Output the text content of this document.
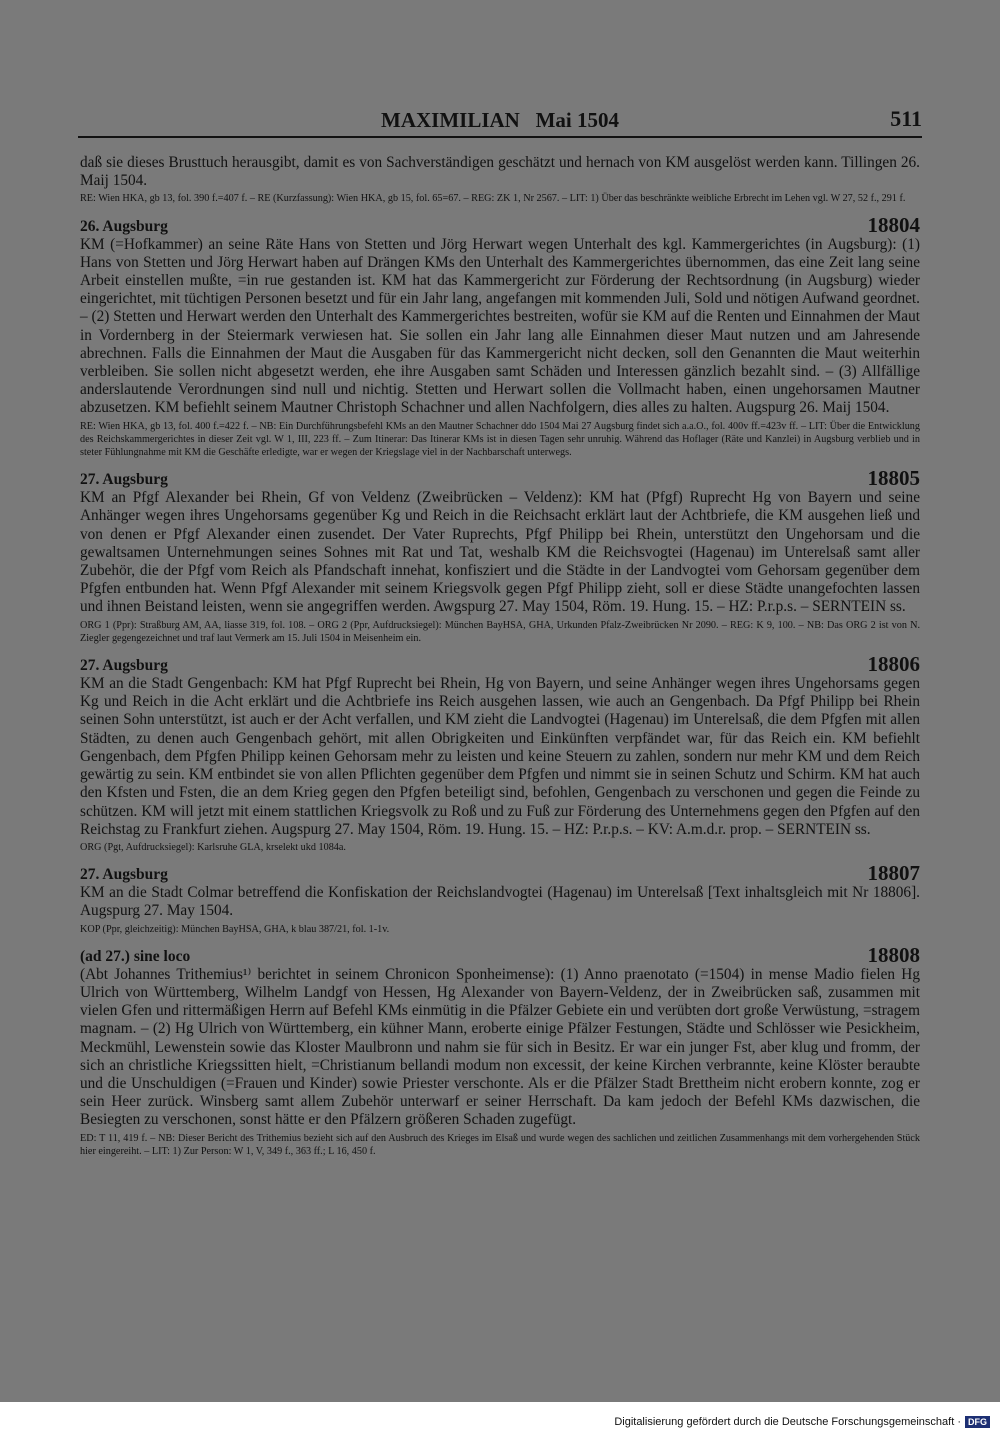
MAXIMILIAN   Mai 1504	511
daß sie dieses Brusttuch herausgibt, damit es von Sachverständigen geschätzt und hernach von KM ausgelöst werden kann. Tillingen 26. Maij 1504.
RE: Wien HKA, gb 13, fol. 390 f.=407 f. – RE (Kurzfassung): Wien HKA, gb 15, fol. 65=67. – REG: ZK 1, Nr 2567. – LIT: 1) Über das beschränkte weibliche Erbrecht im Lehen vgl. W 27, 52 f., 291 f.
26. Augsburg	18804
KM (=Hofkammer) an seine Räte Hans von Stetten und Jörg Herwart wegen Unterhalt des kgl. Kammergerichtes (in Augsburg): (1) Hans von Stetten und Jörg Herwart haben auf Drängen KMs den Unterhalt des Kammergerichtes übernommen, das eine Zeit lang seine Arbeit einstellen mußte, =in rue gestanden ist. KM hat das Kammergericht zur Förderung der Rechtsordnung (in Augsburg) wieder eingerichtet, mit tüchtigen Personen besetzt und für ein Jahr lang, angefangen mit kommenden Juli, Sold und nötigen Aufwand geordnet. – (2) Stetten und Herwart werden den Unterhalt des Kammergerichtes bestreiten, wofür sie KM auf die Renten und Einnahmen der Maut in Vordernberg in der Steiermark verwiesen hat. Sie sollen ein Jahr lang alle Einnahmen dieser Maut nutzen und am Jahresende abrechnen. Falls die Einnahmen der Maut die Ausgaben für das Kammergericht nicht decken, soll den Genannten die Maut weiterhin verbleiben. Sie sollen nicht abgesetzt werden, ehe ihre Ausgaben samt Schäden und Interessen gänzlich bezahlt sind. – (3) Allfällige anderslautende Verordnungen sind null und nichtig. Stetten und Herwart sollen die Vollmacht haben, einen ungehorsamen Mautner abzusetzen. KM befiehlt seinem Mautner Christoph Schachner und allen Nachfolgern, dies alles zu halten. Augspurg 26. Maij 1504.
RE: Wien HKA, gb 13, fol. 400 f.=422 f. – NB: Ein Durchführungsbefehl KMs an den Mautner Schachner ddo 1504 Mai 27 Augsburg findet sich a.a.O., fol. 400v ff.=423v ff. – LIT: Über die Entwicklung des Reichskammergerichtes in dieser Zeit vgl. W 1, III, 223 ff. – Zum Itinerar: Das Itinerar KMs ist in diesen Tagen sehr unruhig. Während das Hoflager (Räte und Kanzlei) in Augsburg verblieb und in steter Fühlungnahme mit KM die Geschäfte erledigte, war er wegen der Kriegslage viel in der Nachbarschaft unterwegs.
27. Augsburg	18805
KM an Pfgf Alexander bei Rhein, Gf von Veldenz (Zweibrücken – Veldenz): KM hat (Pfgf) Ruprecht Hg von Bayern und seine Anhänger wegen ihres Ungehorsams gegenüber Kg und Reich in die Reichsacht erklärt laut der Achtbriefe, die KM ausgehen ließ und von denen er Pfgf Alexander einen zusendet. Der Vater Ruprechts, Pfgf Philipp bei Rhein, unterstützt den Ungehorsam und die gewaltsamen Unternehmungen seines Sohnes mit Rat und Tat, weshalb KM die Reichsvogtei (Hagenau) im Unterelsaß samt aller Zubehör, die der Pfgf vom Reich als Pfandschaft innehat, konfisziert und die Städte in der Landvogtei vom Gehorsam gegenüber dem Pfgfen entbunden hat. Wenn Pfgf Alexander mit seinem Kriegsvolk gegen Pfgf Philipp zieht, soll er diese Städte unangefochten lassen und ihnen Beistand leisten, wenn sie angegriffen werden. Awgspurg 27. May 1504, Röm. 19. Hung. 15. – HZ: P.r.p.s. – SERNTEIN ss.
ORG 1 (Ppr): Straßburg AM, AA, liasse 319, fol. 108. – ORG 2 (Ppr, Aufdrucksiegel): München BayHSA, GHA, Urkunden Pfalz-Zweibrücken Nr 2090. – REG: K 9, 100. – NB: Das ORG 2 ist von N. Ziegler gegengezeichnet und traf laut Vermerk am 15. Juli 1504 in Meisenheim ein.
27. Augsburg	18806
KM an die Stadt Gengenbach: KM hat Pfgf Ruprecht bei Rhein, Hg von Bayern, und seine Anhänger wegen ihres Ungehorsams gegen Kg und Reich in die Acht erklärt und die Achtbriefe ins Reich ausgehen lassen, wie auch an Gengenbach. Da Pfgf Philipp bei Rhein seinen Sohn unterstützt, ist auch er der Acht verfallen, und KM zieht die Landvogtei (Hagenau) im Unterelsaß, die dem Pfgfen mit allen Städten, zu denen auch Gengenbach gehört, mit allen Obrigkeiten und Einkünften verpfändet war, für das Reich ein. KM befiehlt Gengenbach, dem Pfgfen Philipp keinen Gehorsam mehr zu leisten und keine Steuern zu zahlen, sondern nur mehr KM und dem Reich gewärtig zu sein. KM entbindet sie von allen Pflichten gegenüber dem Pfgfen und nimmt sie in seinen Schutz und Schirm. KM hat auch den Kfsten und Fsten, die an dem Krieg gegen den Pfgfen beteiligt sind, befohlen, Gengenbach zu verschonen und gegen die Feinde zu schützen. KM will jetzt mit einem stattlichen Kriegsvolk zu Roß und zu Fuß zur Förderung des Unternehmens gegen den Pfgfen auf den Reichstag zu Frankfurt ziehen. Augspurg 27. May 1504, Röm. 19. Hung. 15. – HZ: P.r.p.s. – KV: A.m.d.r. prop. – SERNTEIN ss.
ORG (Pgt, Aufdrucksiegel): Karlsruhe GLA, krselekt ukd 1084a.
27. Augsburg	18807
KM an die Stadt Colmar betreffend die Konfiskation der Reichslandvogtei (Hagenau) im Unterelsaß [Text inhaltsgleich mit Nr 18806]. Augspurg 27. May 1504.
KOP (Ppr, gleichzeitig): München BayHSA, GHA, k blau 387/21, fol. 1-1v.
(ad 27.) sine loco	18808
(Abt Johannes Trithemius¹⁾ berichtet in seinem Chronicon Sponheimense): (1) Anno praenotato (=1504) in mense Madio fielen Hg Ulrich von Württemberg, Wilhelm Landgf von Hessen, Hg Alexander von Bayern-Veldenz, der in Zweibrücken saß, zusammen mit vielen Gfen und rittermäßigen Herrn auf Befehl KMs einmütig in die Pfälzer Gebiete ein und verübten dort große Verwüstung, =stragem magnam. – (2) Hg Ulrich von Württemberg, ein kühner Mann, eroberte einige Pfälzer Festungen, Städte und Schlösser wie Pesickheim, Meckmühl, Lewenstein sowie das Kloster Maulbronn und nahm sie für sich in Besitz. Er war ein junger Fst, aber klug und fromm, der sich an christliche Kriegssitten hielt, =Christianum bellandi modum non excessit, der keine Kirchen verbrannte, keine Klöster beraubte und die Unschuldigen (=Frauen und Kinder) sowie Priester verschonte. Als er die Pfälzer Stadt Brettheim nicht erobern konnte, zog er sein Heer zurück. Winsberg samt allem Zubehör unterwarf er seiner Herrschaft. Da kam jedoch der Befehl KMs dazwischen, die Besiegten zu verschonen, sonst hätte er den Pfälzern größeren Schaden zugefügt.
ED: T 11, 419 f. – NB: Dieser Bericht des Trithemius bezieht sich auf den Ausbruch des Krieges im Elsaß und wurde wegen des sachlichen und zeitlichen Zusammenhangs mit dem vorhergehenden Stück hier eingereiht. – LIT: 1) Zur Person: W 1, V, 349 f., 363 ff.; L 16, 450 f.
Digitalisierung gefördert durch die Deutsche Forschungsgemeinschaft · DFG
